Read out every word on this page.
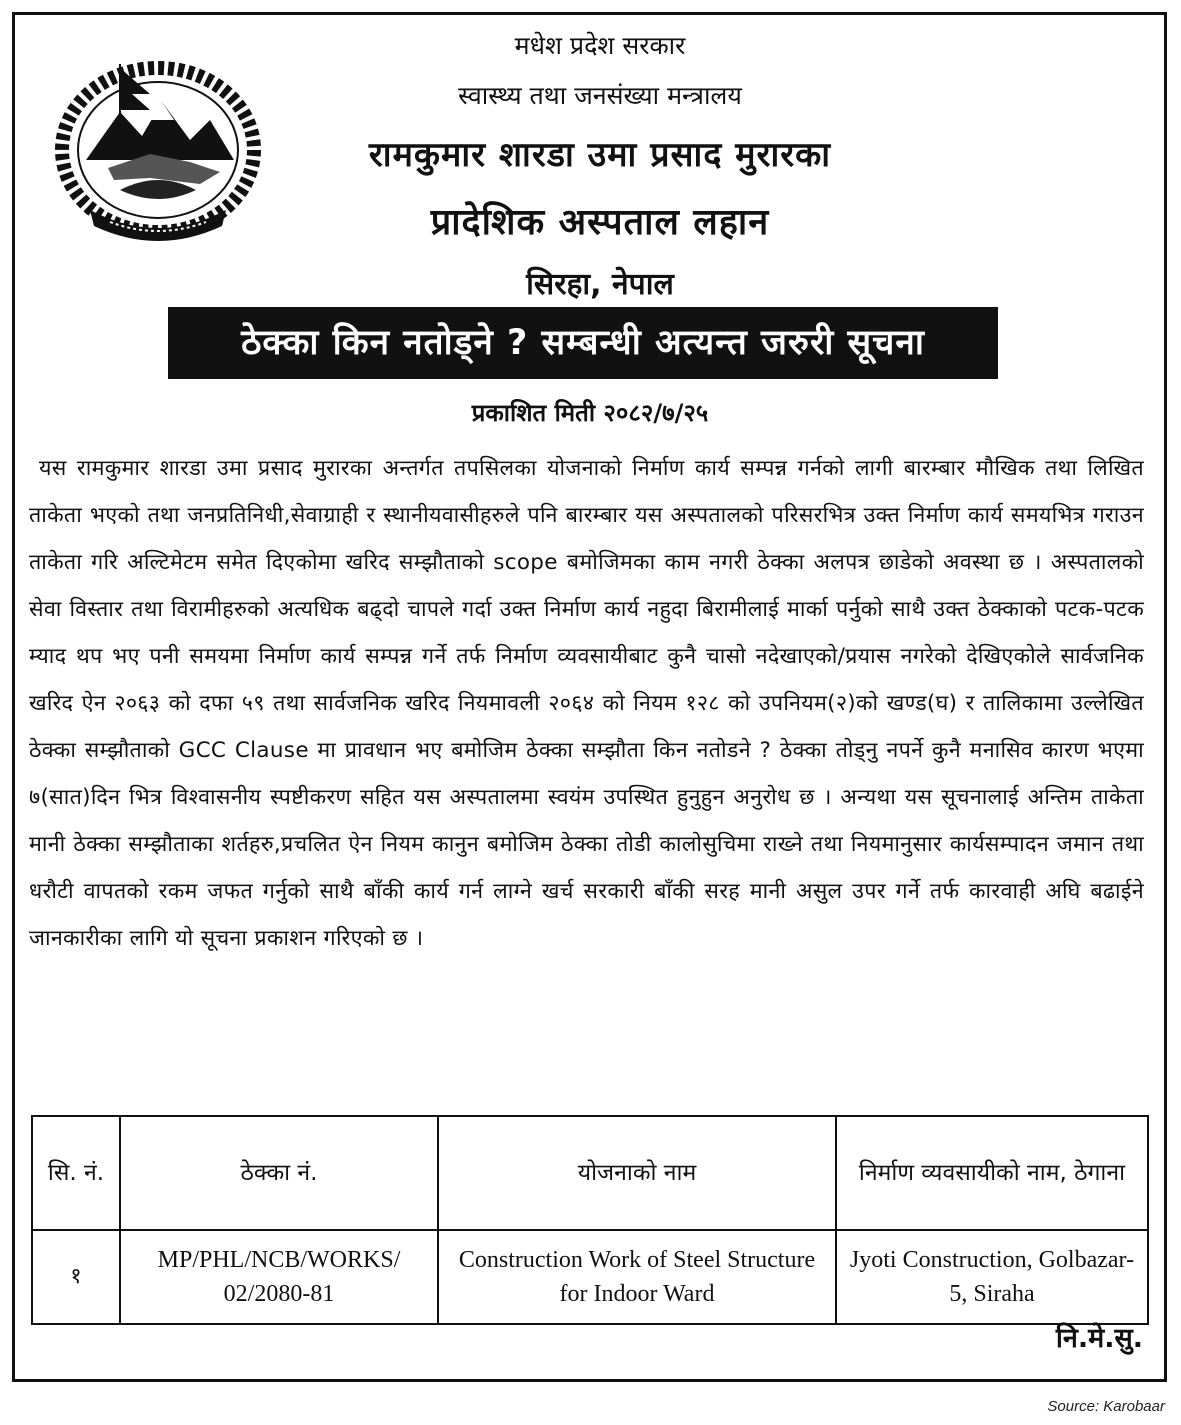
मधेश प्रदेश सरकार
स्वास्थ्य तथा जनसंख्या मन्त्रालय
रामकुमार शारडा उमा प्रसाद मुरारका
प्रादेशिक अस्पताल लहान
सिरहा, नेपाल
ठेक्का किन नतोड्ने ? सम्बन्धी अत्यन्त जरुरी सूचना
प्रकाशित मिती २०८२/७/२५

यस रामकुमार शारडा उमा प्रसाद मुरारका अन्तर्गत तपसिलका योजनाको निर्माण कार्य सम्पन्न गर्नको लागी बारम्बार मौखिक तथा लिखित ताकेता भएको तथा जनप्रतिनिधी,सेवाग्राही र स्थानीयवासीहरुले पनि बारम्बार यस अस्पतालको परिसरभित्र उक्त निर्माण कार्य समयभित्र गराउन ताकेता गरि अल्टिमेटम समेत दिएकोमा खरिद सम्झौताको scope बमोजिमका काम नगरी ठेक्का अलपत्र छाडेको अवस्था छ । अस्पतालको सेवा विस्तार तथा विरामीहरुको अत्यधिक बढ्दो चापले गर्दा उक्त निर्माण कार्य नहुदा बिरामीलाई मार्का पर्नुको साथै उक्त ठेक्काको पटक-पटक म्याद थप भए पनी समयमा निर्माण कार्य सम्पन्न गर्ने तर्फ निर्माण व्यवसायीबाट कुनै चासो नदेखाएको/प्रयास नगरेको देखिएकोले सार्वजनिक खरिद ऐन २०६३ को दफा ५९ तथा सार्वजनिक खरिद नियमावली २०६४ को नियम १२८ को उपनियम(२)को खण्ड(घ) र तालिकामा उल्लेखित ठेक्का सम्झौताको GCC Clause मा प्रावधान भए बमोजिम ठेक्का सम्झौता किन नतोडने ? ठेक्का तोड्नु नपर्ने कुनै मनासिव कारण भएमा ७(सात)दिन भित्र विश्वासनीय स्पष्टीकरण सहित यस अस्पतालमा स्वयंम उपस्थित हुनुहुन अनुरोध छ । अन्यथा यस सूचनालाई अन्तिम ताकेता मानी ठेक्का सम्झौताका शर्तहरु,प्रचलित ऐन नियम कानुन बमोजिम ठेक्का तोडी कालोसुचिमा राख्ने तथा नियमानुसार कार्यसम्पादन जमान तथा धरौटी वापतको रकम जफत गर्नुको साथै बाँकी कार्य गर्न लाग्ने खर्च सरकारी बाँकी सरह मानी असुल उपर गर्ने तर्फ कारवाही अघि बढाईने जानकारीका लागि यो सूचना प्रकाशन गरिएको छ ।

सि. नं.	ठेक्का नं.	योजनाको नाम	निर्माण व्यवसायीको नाम, ठेगाना
१	MP/PHL/NCB/WORKS/ 02/2080-81	Construction Work of Steel Structure for Indoor Ward	Jyoti Construction, Golbazar-5, Siraha
नि.मे.सु.
Source: Karobaar
